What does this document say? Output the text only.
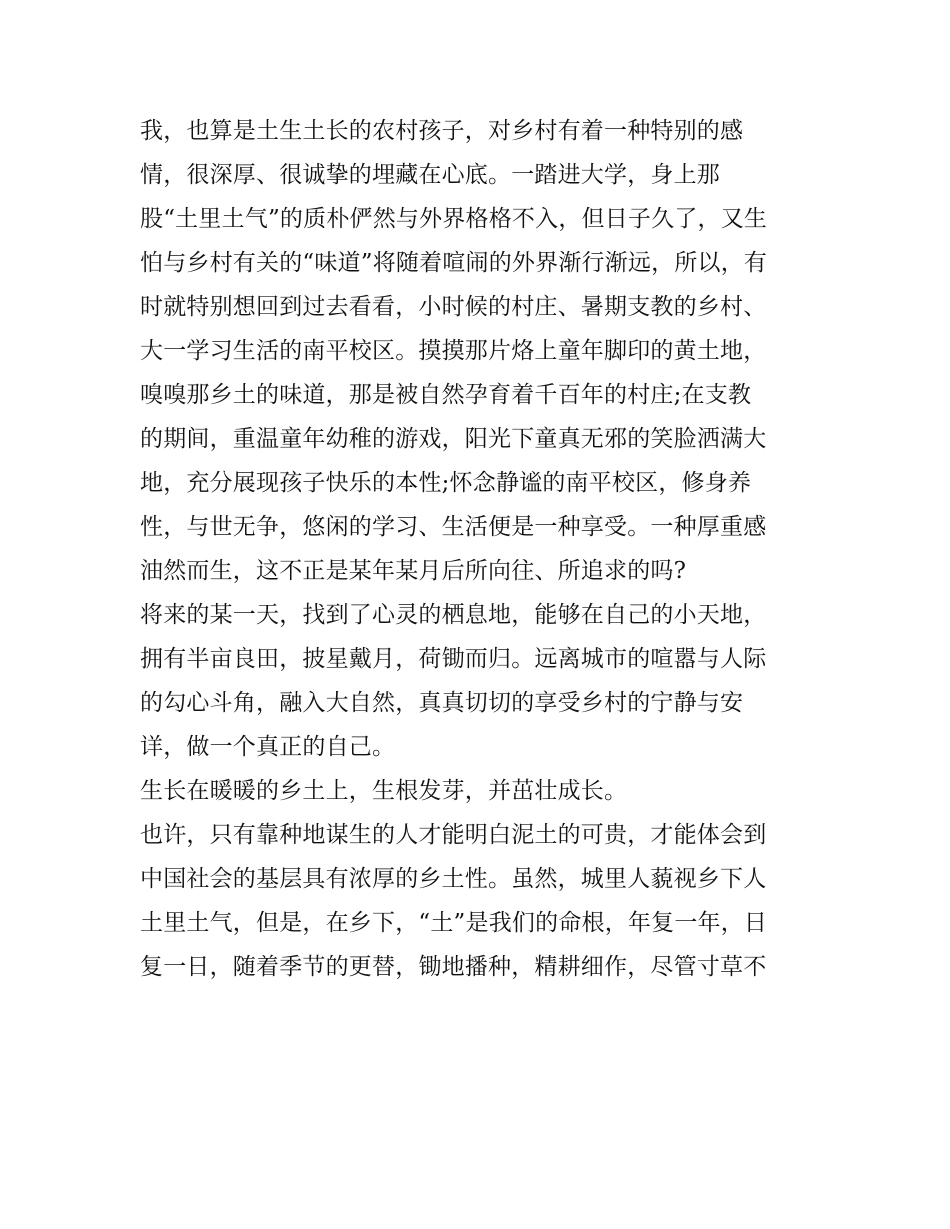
我，也算是土生土长的农村孩子，对乡村有着一种特别的感
情，很深厚、很诚挚的埋藏在心底。一踏进大学，身上那
股“土里土气”的质朴俨然与外界格格不入，但日子久了，又生
怕与乡村有关的“味道”将随着喧闹的外界渐行渐远，所以，有
时就特别想回到过去看看，小时候的村庄、暑期支教的乡村、
大一学习生活的南平校区。摸摸那片烙上童年脚印的黄土地，
嗅嗅那乡土的味道，那是被自然孕育着千百年的村庄;在支教
的期间，重温童年幼稚的游戏，阳光下童真无邪的笑脸洒满大
地，充分展现孩子快乐的本性;怀念静谧的南平校区，修身养
性，与世无争，悠闲的学习、生活便是一种享受。一种厚重感
油然而生，这不正是某年某月后所向往、所追求的吗?
将来的某一天，找到了心灵的栖息地，能够在自己的小天地，
拥有半亩良田，披星戴月，荷锄而归。远离城市的喧嚣与人际
的勾心斗角，融入大自然，真真切切的享受乡村的宁静与安
详，做一个真正的自己。
生长在暖暖的乡土上，生根发芽，并茁壮成长。
也许，只有靠种地谋生的人才能明白泥土的可贵，才能体会到
中国社会的基层具有浓厚的乡土性。虽然，城里人藐视乡下人
土里土气，但是，在乡下，“土”是我们的命根，年复一年，日
复一日，随着季节的更替，锄地播种，精耕细作，尽管寸草不
